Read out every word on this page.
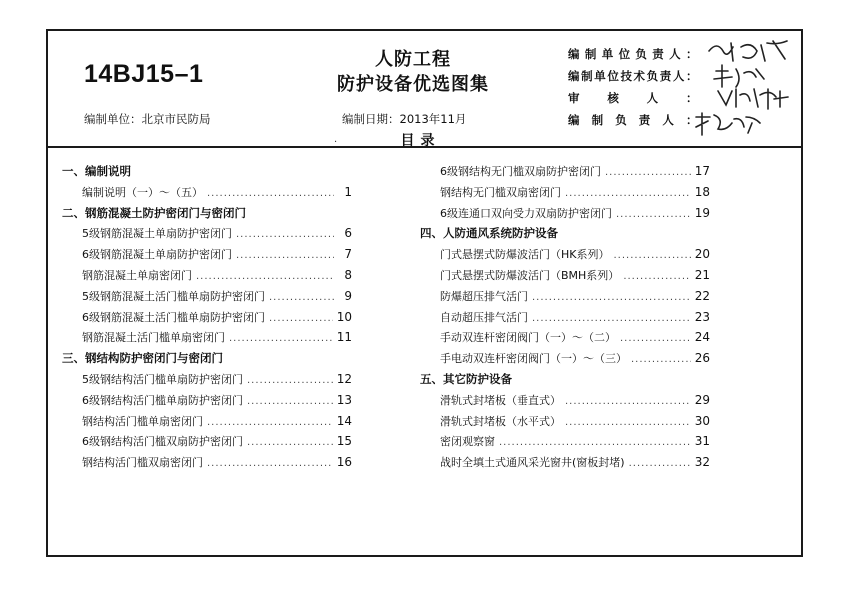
14BJ15–1
人防工程
防护设备优选图集
编制单位：北京市民防局	编制日期：2013年11月
编制单位负责人：
编制单位技术负责人：
审核人：
编制负责人：
目录
.
一、编制说明
编制说明（一）～（五） .....	1
二、钢筋混凝土防护密闭门与密闭门
5级钢筋混凝土单扇防护密闭门 .....	6
6级钢筋混凝土单扇防护密闭门 .....	7
钢筋混凝土单扇密闭门 .....	8
5级钢筋混凝土活门槛单扇防护密闭门 .....	9
6级钢筋混凝土活门槛单扇防护密闭门 .....	10
钢筋混凝土活门槛单扇密闭门 .....	11
三、钢结构防护密闭门与密闭门
5级钢结构活门槛单扇防护密闭门 .....	12
6级钢结构活门槛单扇防护密闭门 .....	13
钢结构活门槛单扇密闭门 .....	14
6级钢结构活门槛双扇防护密闭门 .....	15
钢结构活门槛双扇密闭门 .....	16
6级钢结构无门槛双扇防护密闭门 .....	17
钢结构无门槛双扇密闭门 .....	18
6级连通口双向受力双扇防护密闭门 .....	19
四、人防通风系统防护设备
门式悬摆式防爆波活门（HK系列） .....	20
门式悬摆式防爆波活门（BMH系列） .....	21
防爆超压排气活门 .....	22
自动超压排气活门 .....	23
手动双连杆密闭阀门（一）～（二） .....	24
手电动双连杆密闭阀门（一）～（三） .....	26
五、其它防护设备
滑轨式封堵板（垂直式） .....	29
滑轨式封堵板（水平式） .....	30
密闭观察窗 .....	31
战时全填土式通风采光窗井(窗板封堵) .....	32
